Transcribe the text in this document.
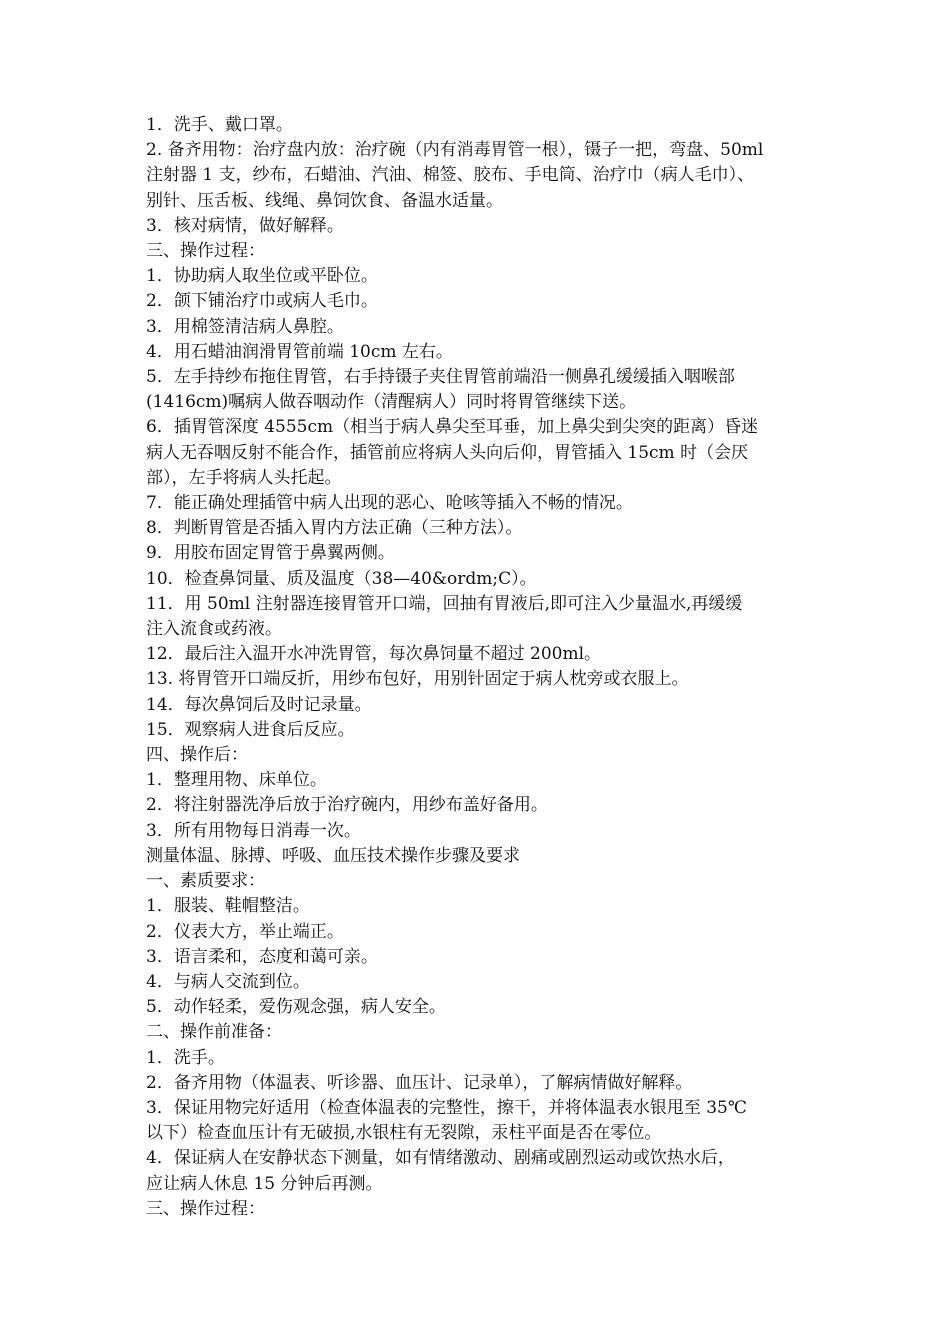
1．洗手、戴口罩。
2. 备齐用物：治疗盘内放：治疗碗（内有消毒胃管一根），镊子一把，弯盘、50ml
注射器 1 支，纱布，石蜡油、汽油、棉签、胶布、手电筒、治疗巾（病人毛巾）、
别针、压舌板、线绳、鼻饲饮食、备温水适量。
3．核对病情，做好解释。
三、操作过程：
1．协助病人取坐位或平卧位。
2．颌下铺治疗巾或病人毛巾。
3．用棉签清洁病人鼻腔。
4．用石蜡油润滑胃管前端 10cm 左右。
5．左手持纱布拖住胃管，右手持镊子夹住胃管前端沿一侧鼻孔缓缓插入咽喉部
(1416cm)嘱病人做吞咽动作（清醒病人）同时将胃管继续下送。
6．插胃管深度 4555cm（相当于病人鼻尖至耳垂，加上鼻尖到尖突的距离）昏迷
病人无吞咽反射不能合作，插管前应将病人头向后仰，胃管插入 15cm 时（会厌
部），左手将病人头托起。
7．能正确处理插管中病人出现的恶心、呛咳等插入不畅的情况。
8．判断胃管是否插入胃内方法正确（三种方法）。
9．用胶布固定胃管于鼻翼两侧。
10．检查鼻饲量、质及温度（38—40&ordm;C）。
11．用 50ml 注射器连接胃管开口端，回抽有胃液后,即可注入少量温水,再缓缓
注入流食或药液。
12．最后注入温开水冲洗胃管，每次鼻饲量不超过 200ml。
13. 将胃管开口端反折，用纱布包好，用别针固定于病人枕旁或衣服上。
14．每次鼻饲后及时记录量。
15．观察病人进食后反应。
四、操作后：
1．整理用物、床单位。
2．将注射器洗净后放于治疗碗内，用纱布盖好备用。
3．所有用物每日消毒一次。
测量体温、脉搏、呼吸、血压技术操作步骤及要求
一、素质要求：
1．服装、鞋帽整洁。
2．仪表大方，举止端正。
3．语言柔和，态度和蔼可亲。
4．与病人交流到位。
5．动作轻柔，爱伤观念强，病人安全。
二、操作前准备：
1．洗手。
2．备齐用物（体温表、听诊器、血压计、记录单），了解病情做好解释。
3．保证用物完好适用（检查体温表的完整性，擦干，并将体温表水银甩至 35℃
以下）检查血压计有无破损,水银柱有无裂隙，汞柱平面是否在零位。
4．保证病人在安静状态下测量，如有情绪激动、剧痛或剧烈运动或饮热水后，
应让病人休息 15 分钟后再测。
三、操作过程：
